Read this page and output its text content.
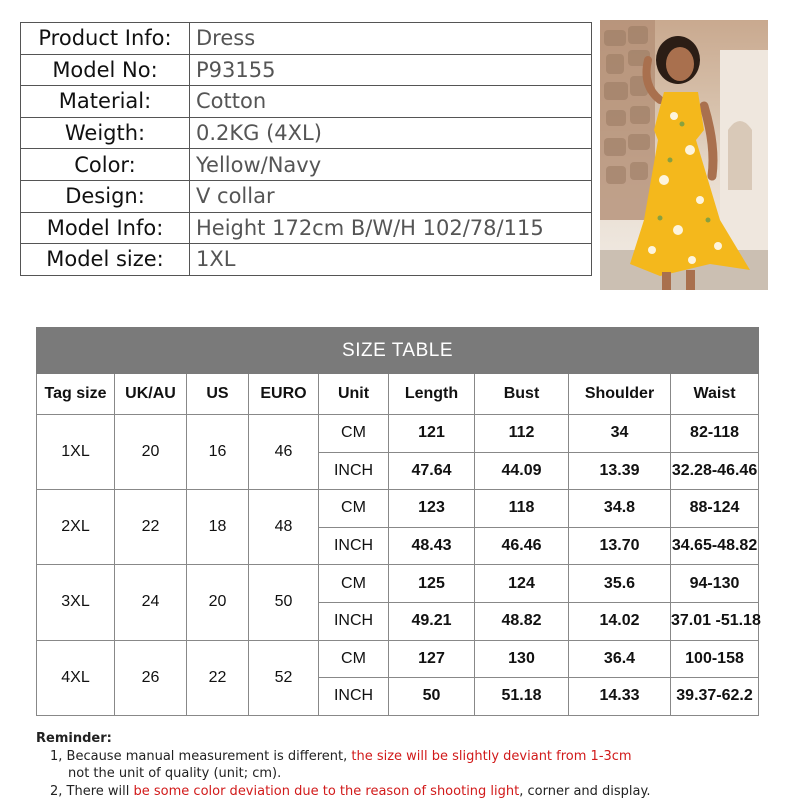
Product Info:	Dress
Model No:	P93155
Material:	Cotton
Weigth:	0.2KG (4XL)
Color:	Yellow/Navy
Design:	V collar
Model Info:	Height 172cm B/W/H 102/78/115
Model size:	1XL
SIZE TABLE								
Tag size	UK/AU	US	EURO	Unit	Length	Bust	Shoulder	Waist
1XL	20	16	46	CM	121	112	34	82-118
				INCH	47.64	44.09	13.39	32.28-46.46
2XL	22	18	48	CM	123	118	34.8	88-124
				INCH	48.43	46.46	13.70	34.65-48.82
3XL	24	20	50	CM	125	124	35.6	94-130
				INCH	49.21	48.82	14.02	37.01 -51.18
4XL	26	22	52	CM	127	130	36.4	100-158
				INCH	50	51.18	14.33	39.37-62.2
Reminder:
1, Because manual measurement is different, the size will be slightly deviant from 1-3cm
not the unit of quality (unit; cm).
2, There will be some color deviation due to the reason of shooting light, corner and display.
